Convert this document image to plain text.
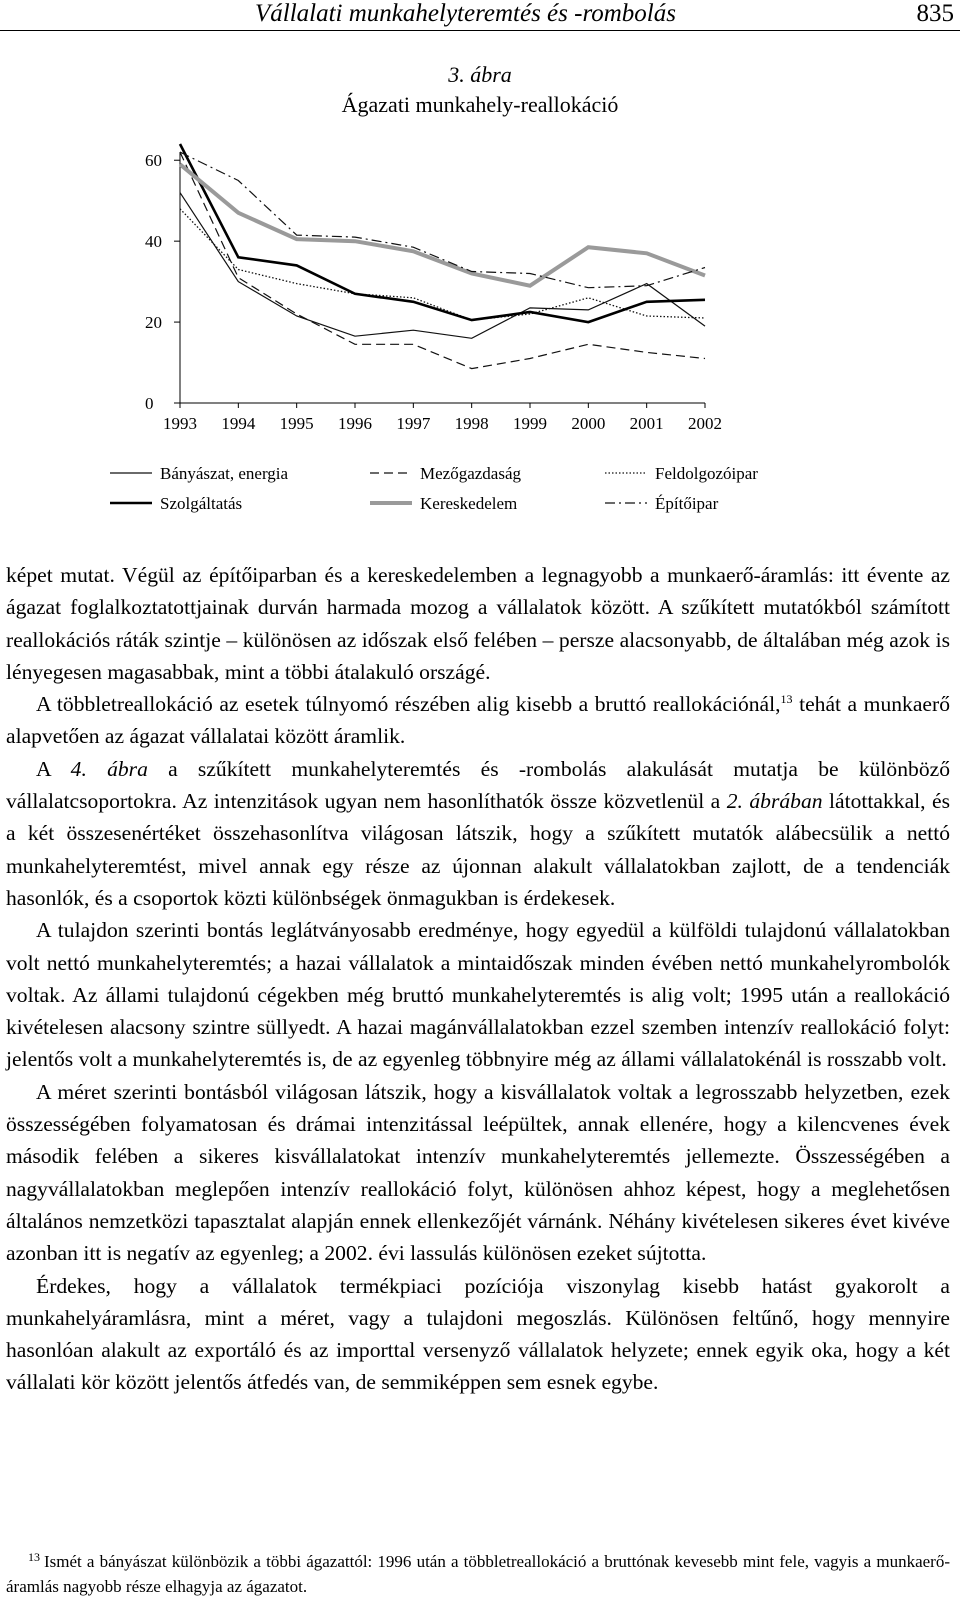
Vállalati munkahelyteremtés és -rombolás	835
3. ábra
Ágazati munkahely-reallokáció
0
20
40
60
1993 1994 1995 1996 1997 1998 1999 2000 2001 2002
Bányászat, energia	Mezőgazdaság	Feldolgozóipar
Szolgáltatás	Kereskedelem	Építőipar

képet mutat. Végül az építőiparban és a kereskedelemben a legnagyobb a munkaerő-áramlás: itt évente az ágazat foglalkoztatottjainak durván harmada mozog a vállalatok között. A szűkített mutatókból számított reallokációs ráták szintje – különösen az időszak első felében – persze alacsonyabb, de általában még azok is lényegesen magasabbak, mint a többi átalakuló országé.

A többletreallokáció az esetek túlnyomó részében alig kisebb a bruttó reallokációnál,$^{13}$ tehát a munkaerő alapvetően az ágazat vállalatai között áramlik.

A 4. ábra a szűkített munkahelyteremtés és -rombolás alakulását mutatja be különböző vállalatcsoportokra. Az intenzitások ugyan nem hasonlíthatók össze közvetlenül a 2. ábrában látottakkal, és a két összesenértéket összehasonlítva világosan látszik, hogy a szűkített mutatók alábecsülik a nettó munkahelyteremtést, mivel annak egy része az újonnan alakult vállalatokban zajlott, de a tendenciák hasonlók, és a csoportok közti különbségek önmagukban is érdekesek.

A tulajdon szerinti bontás leglátványosabb eredménye, hogy egyedül a külföldi tulajdonú vállalatokban volt nettó munkahelyteremtés; a hazai vállalatok a mintaidőszak minden évében nettó munkahelyrombolók voltak. Az állami tulajdonú cégekben még bruttó munkahelyteremtés is alig volt; 1995 után a reallokáció kivételesen alacsony szintre süllyedt. A hazai magánvállalatokban ezzel szemben intenzív reallokáció folyt: jelentős volt a munkahelyteremtés is, de az egyenleg többnyire még az állami vállalatokénál is rosszabb volt.

A méret szerinti bontásból világosan látszik, hogy a kisvállalatok voltak a legrosszabb helyzetben, ezek összességében folyamatosan és drámai intenzitással leépültek, annak ellenére, hogy a kilencvenes évek második felében a sikeres kisvállalatokat intenzív munkahelyteremtés jellemezte. Összességében a nagyvállalatokban meglepően intenzív reallokáció folyt, különösen ahhoz képest, hogy a meglehetősen általános nemzetközi tapasztalat alapján ennek ellenkezőjét várnánk. Néhány kivételesen sikeres évet kivéve azonban itt is negatív az egyenleg; a 2002. évi lassulás különösen ezeket sújtotta.

Érdekes, hogy a vállalatok termékpiaci pozíciója viszonylag kisebb hatást gyakorolt a munkahelyáramlásra, mint a méret, vagy a tulajdoni megoszlás. Különösen feltűnő, hogy mennyire hasonlóan alakult az exportáló és az importtal versenyző vállalatok helyzete; ennek egyik oka, hogy a két vállalati kör között jelentős átfedés van, de semmiképpen sem esnek egybe.

$^{13}$ Ismét a bányászat különbözik a többi ágazattól: 1996 után a többletreallokáció a bruttónak kevesebb mint fele, vagyis a munkaerő-áramlás nagyobb része elhagyja az ágazatot.
